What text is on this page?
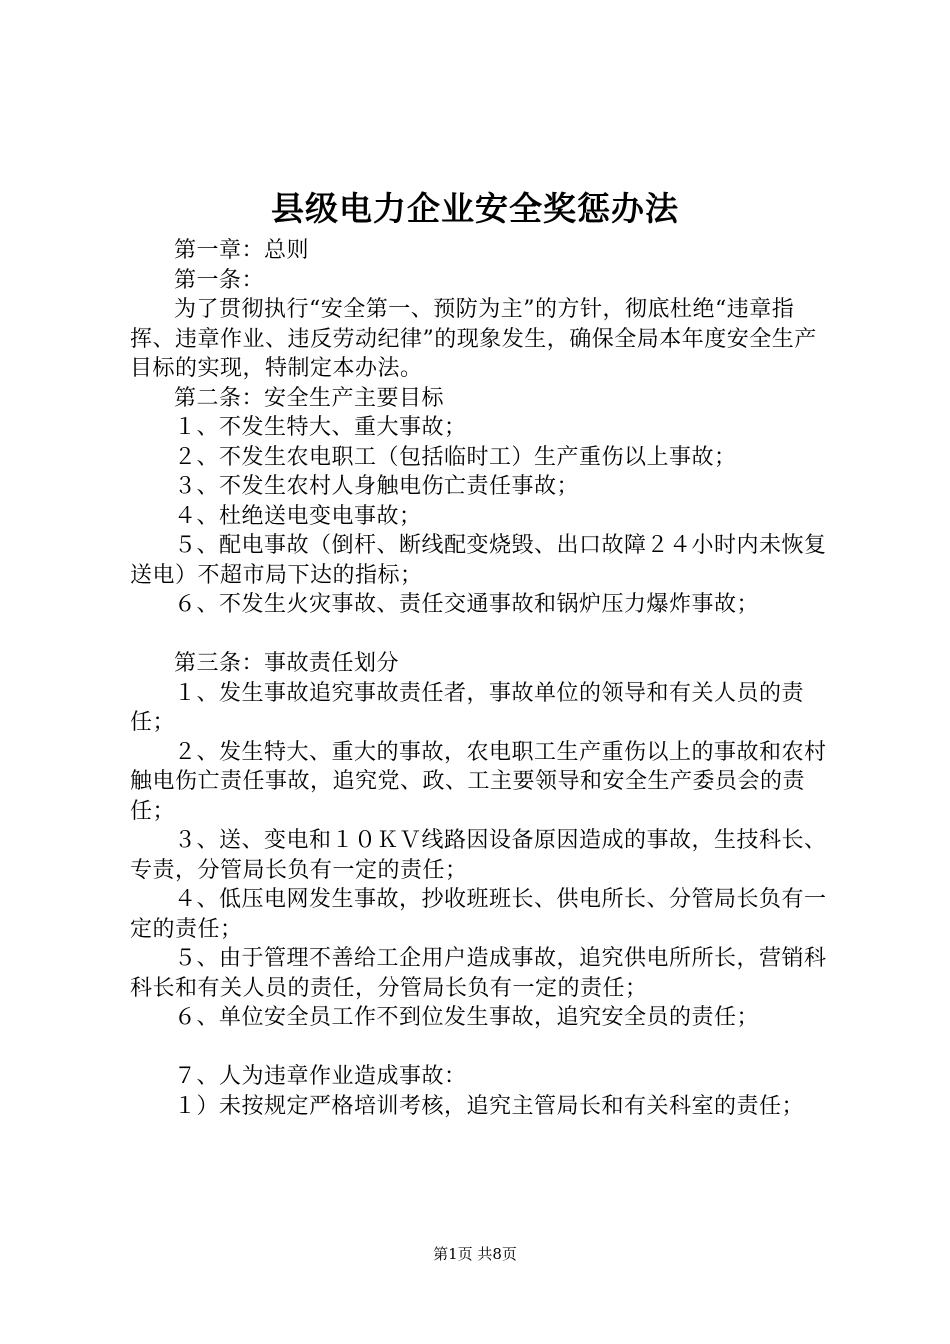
县级电力企业安全奖惩办法

第一章：总则

第一条：

为了贯彻执行“安全第一、预防为主”的方针，彻底杜绝“违章指挥、违章作业、违反劳动纪律”的现象发生，确保全局本年度安全生产目标的实现，特制定本办法。

第二条：安全生产主要目标

１、不发生特大、重大事故；

２、不发生农电职工（包括临时工）生产重伤以上事故；

３、不发生农村人身触电伤亡责任事故；

４、杜绝送电变电事故；

５、配电事故（倒杆、断线配变烧毁、出口故障２４小时内未恢复送电）不超市局下达的指标；

６、不发生火灾事故、责任交通事故和锅炉压力爆炸事故；

第三条：事故责任划分

１、发生事故追究事故责任者，事故单位的领导和有关人员的责任；

２、发生特大、重大的事故，农电职工生产重伤以上的事故和农村触电伤亡责任事故，追究党、政、工主要领导和安全生产委员会的责任；

３、送、变电和１０ＫＶ线路因设备原因造成的事故，生技科长、专责，分管局长负有一定的责任；

４、低压电网发生事故，抄收班班长、供电所长、分管局长负有一定的责任；

５、由于管理不善给工企用户造成事故，追究供电所所长，营销科科长和有关人员的责任，分管局长负有一定的责任；

６、单位安全员工作不到位发生事故，追究安全员的责任；

７、人为违章作业造成事故：

１）未按规定严格培训考核，追究主管局长和有关科室的责任；

第1页 共8页
